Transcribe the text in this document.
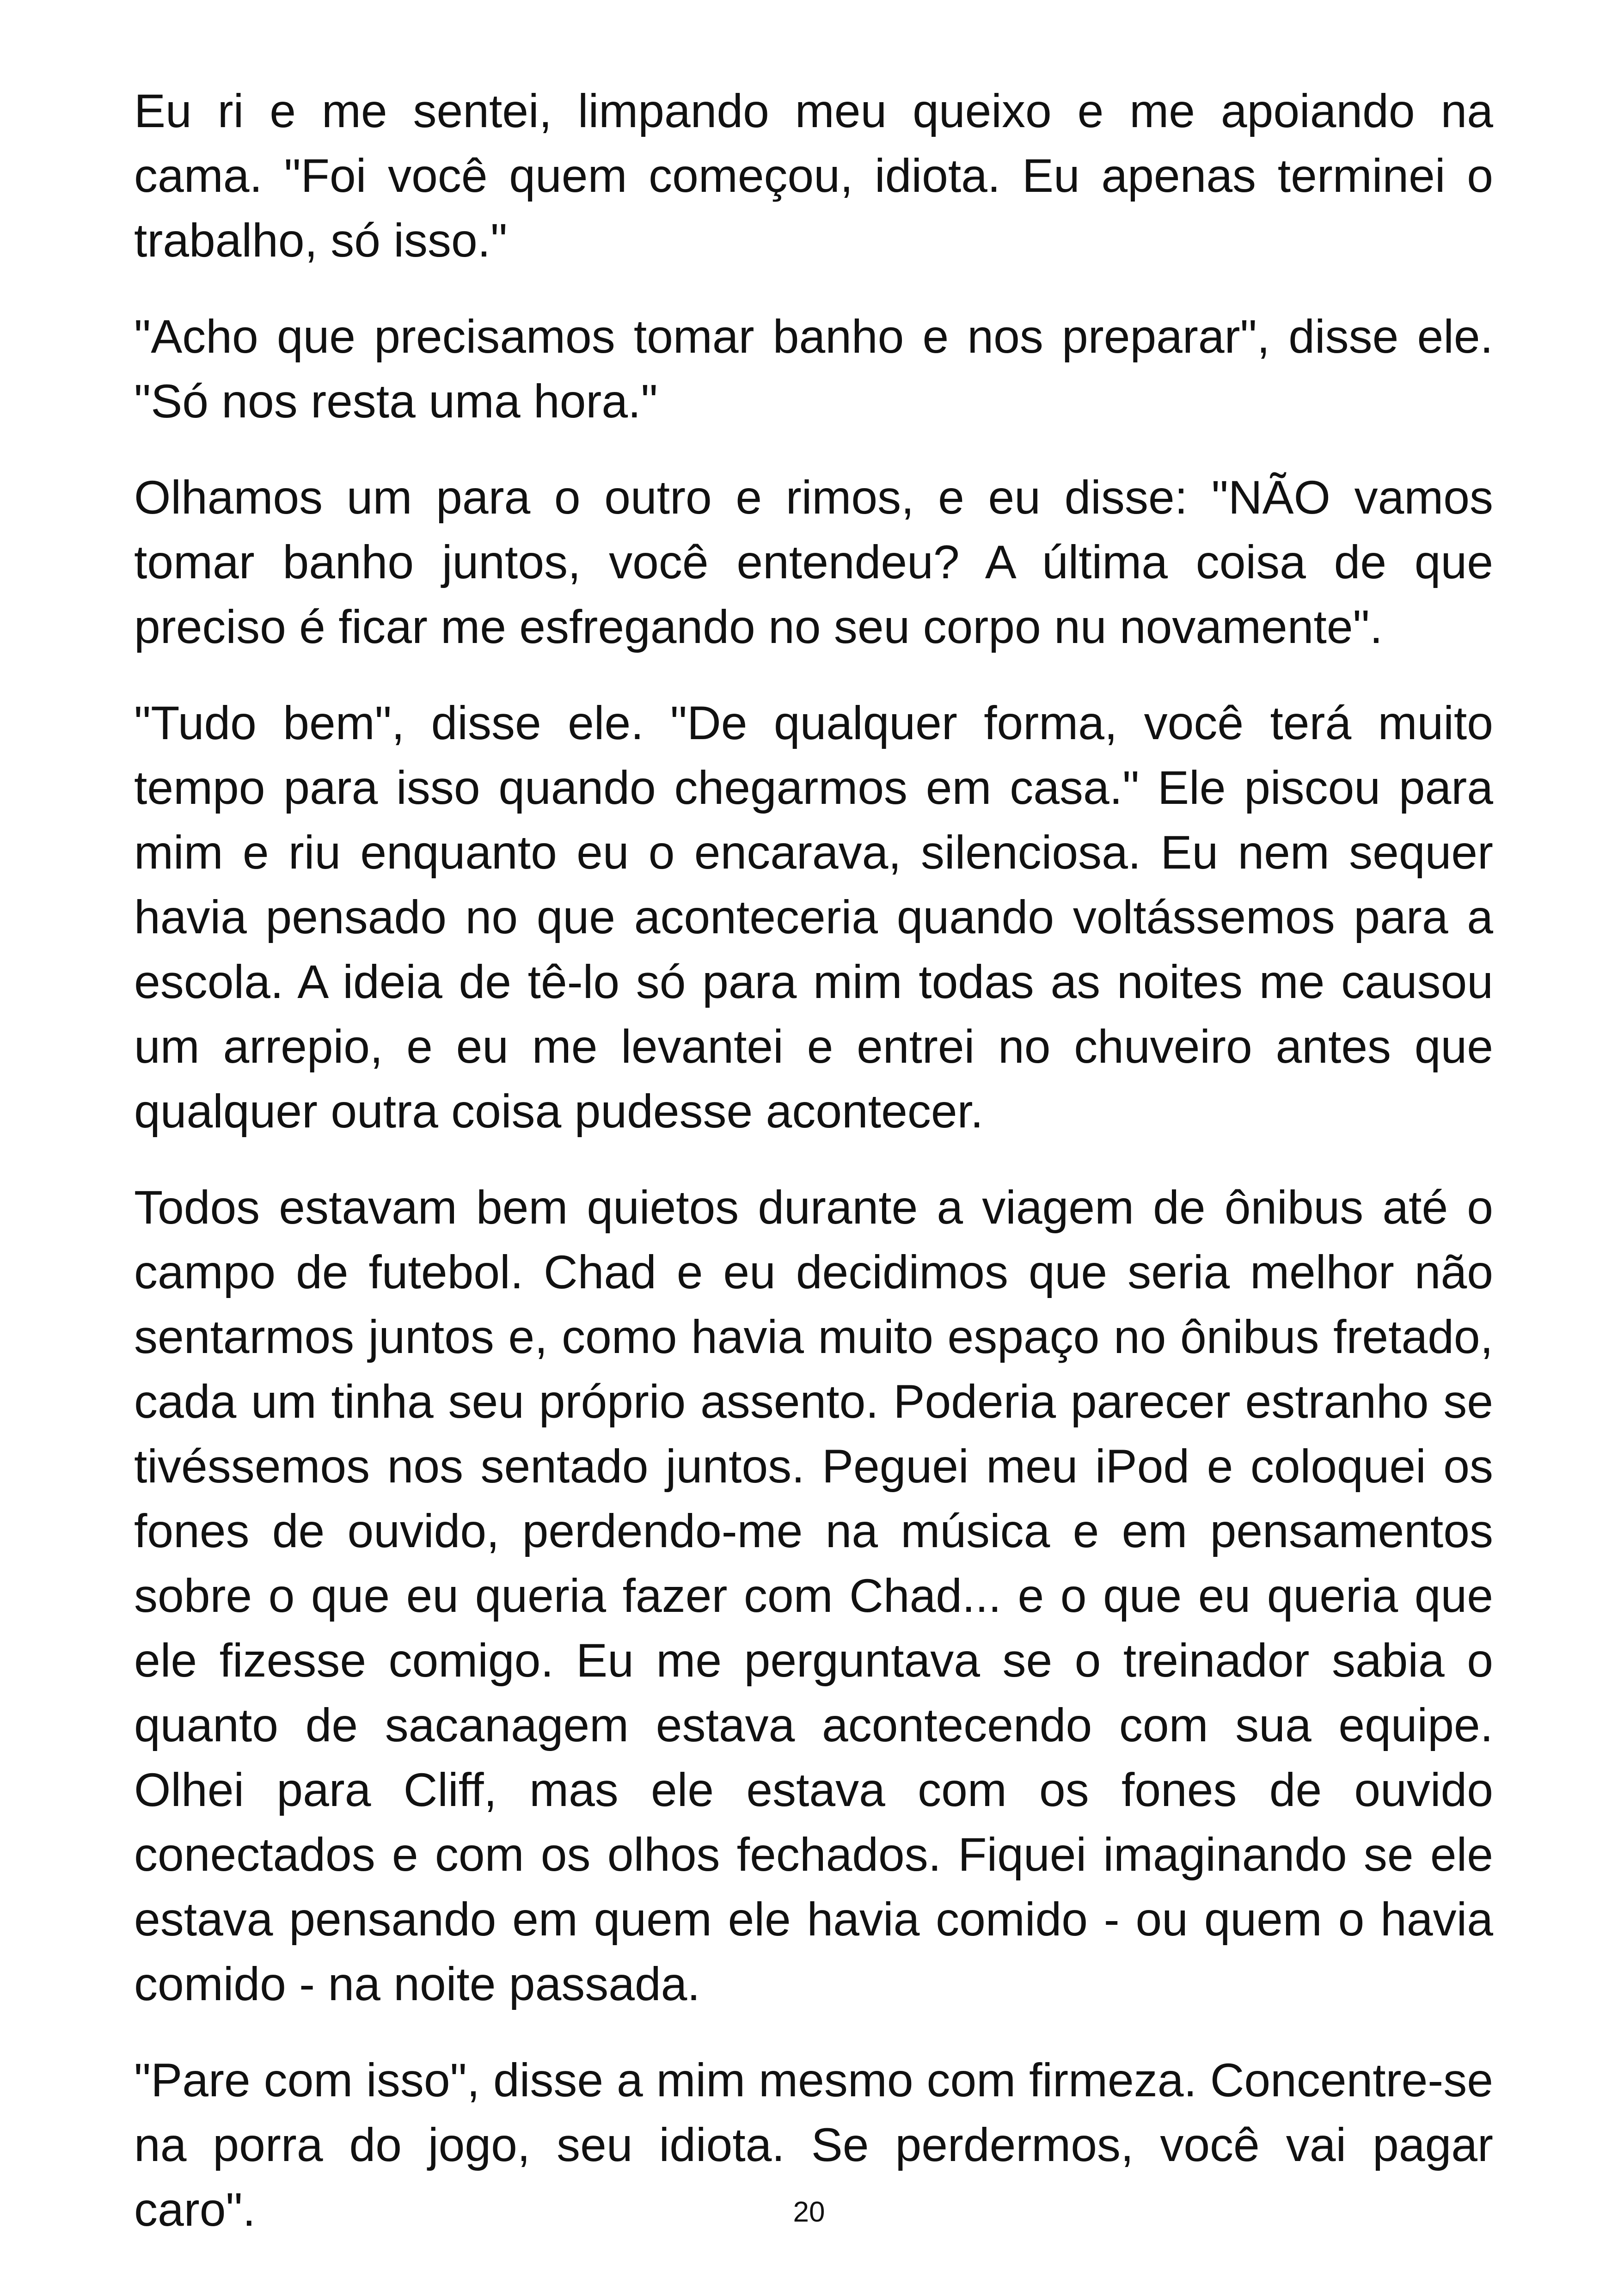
Eu ri e me sentei, limpando meu queixo e me apoiando na cama. "Foi você quem começou, idiota. Eu apenas terminei o trabalho, só isso."

"Acho que precisamos tomar banho e nos preparar", disse ele. "Só nos resta uma hora."

Olhamos um para o outro e rimos, e eu disse: "NÃO vamos tomar banho juntos, você entendeu? A última coisa de que preciso é ficar me esfregando no seu corpo nu novamente".

"Tudo bem", disse ele. "De qualquer forma, você terá muito tempo para isso quando chegarmos em casa." Ele piscou para mim e riu enquanto eu o encarava, silenciosa. Eu nem sequer havia pensado no que aconteceria quando voltássemos para a escola. A ideia de tê-lo só para mim todas as noites me causou um arrepio, e eu me levantei e entrei no chuveiro antes que qualquer outra coisa pudesse acontecer.

Todos estavam bem quietos durante a viagem de ônibus até o campo de futebol. Chad e eu decidimos que seria melhor não sentarmos juntos e, como havia muito espaço no ônibus fretado, cada um tinha seu próprio assento. Poderia parecer estranho se tivéssemos nos sentado juntos. Peguei meu iPod e coloquei os fones de ouvido, perdendo-me na música e em pensamentos sobre o que eu queria fazer com Chad... e o que eu queria que ele fizesse comigo. Eu me perguntava se o treinador sabia o quanto de sacanagem estava acontecendo com sua equipe. Olhei para Cliff, mas ele estava com os fones de ouvido conectados e com os olhos fechados. Fiquei imaginando se ele estava pensando em quem ele havia comido - ou quem o havia comido - na noite passada.

"Pare com isso", disse a mim mesmo com firmeza. Concentre-se na porra do jogo, seu idiota. Se perdermos, você vai pagar caro".	20
